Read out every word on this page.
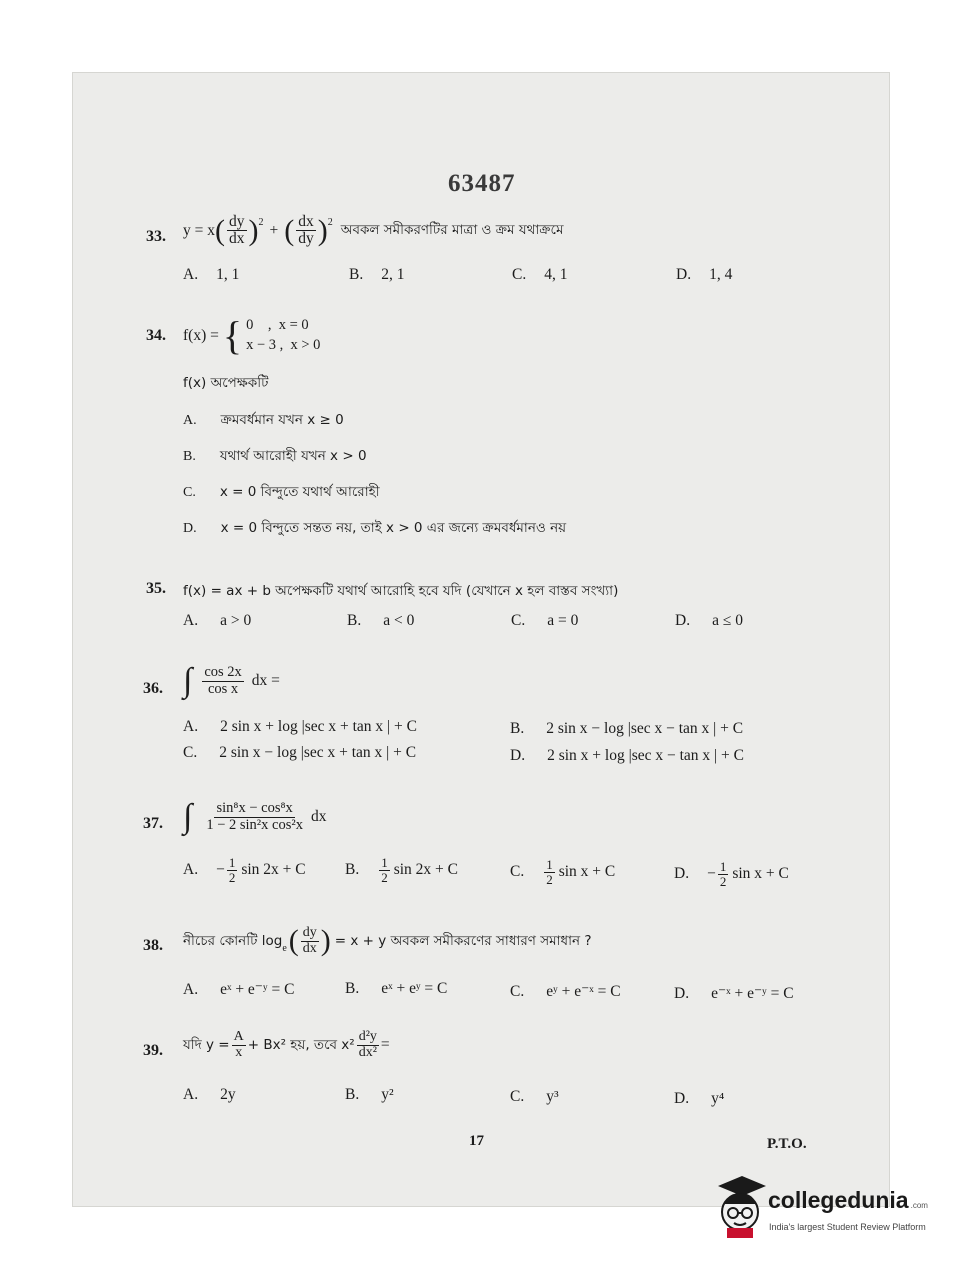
63487
33. y = x ( $\frac{dy}{dx}$ ) 2 + ( $\frac{dx}{dy}$ ) 2 অবকল সমীকরণটির মাত্রা ও ক্রম যথাক্রমে
A. 1, 1	B. 2, 1	C. 4, 1	D. 1, 4
34. f(x) = { 0    ,  x = 0
x − 3 ,  x > 0
f(x) অপেক্ষকটি
A. ক্রমবর্ধমান যখন x ≥ 0
B. যথার্থ আরোহী যখন x > 0
C. x = 0 বিন্দুতে যথার্থ আরোহী
D. x = 0 বিন্দুতে সন্তত নয়, তাই x > 0 এর জন্যে ক্রমবর্ধমানও নয়
35. f(x) = ax + b অপেক্ষকটি যথার্থ আরোহি হবে যদি (যেখানে x হল বাস্তব সংখ্যা)
A. a > 0	B. a < 0	C. a = 0	D. a ≤ 0
36. ∫ $\frac{\cos 2x}{\text{cos x}}$ dx =
A. 2 sin x + log |sec x + tan x | + C	B. 2 sin x − log |sec x − tan x | + C
C. 2 sin x − log |sec x + tan x | + C	D. 2 sin x + log |sec x − tan x | + C
37. ∫ $\frac{\text{sin⁸x − cos⁸x}}{\text{1 − 2 sin²x cos²x}}$ dx
A. − $\frac{1}{2}$ sin 2x + C	B. $\frac{1}{2}$ sin 2x + C	C. $\frac{1}{2}$ sin x + C	D. − $\frac{1}{2}$ sin x + C
38. নীচের কোনটি log e ( $\frac{dy}{dx}$ ) = x + y অবকল সমীকরণের সাধারণ সমাধান ?
A. eˣ + e⁻ʸ = C	B. eˣ + eʸ = C	C. eʸ + e⁻ˣ = C	D. e⁻ˣ + e⁻ʸ = C
39. যদি $y = \frac{A}{x} + Bx^2$ হয়, তবে $x^2 \frac{\text{d²y}}{\text{dx²}}$ =
A. 2y	B. y²	C. y³	D. y⁴
17	P.T.O.
collegedunia .com
India's largest Student Review Platform
